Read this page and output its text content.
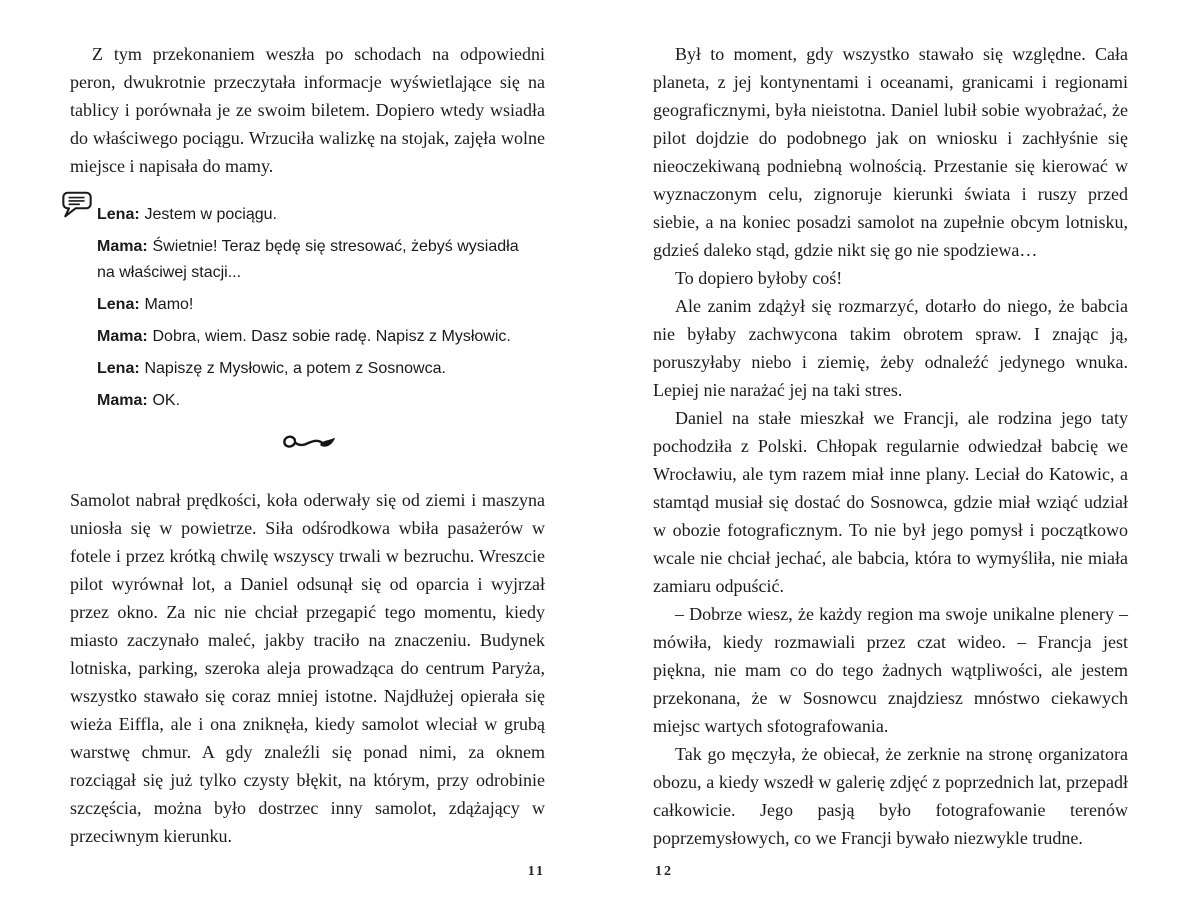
Z tym przekonaniem weszła po schodach na odpowiedni peron, dwukrotnie przeczytała informacje wyświetlające się na tablicy i porównała je ze swoim biletem. Dopiero wtedy wsiadła do właściwego pociągu. Wrzuciła walizkę na stojak, zajęła wolne miejsce i napisała do mamy.

Lena: Jestem w pociągu.

Mama: Świetnie! Teraz będę się stresować, żebyś wysiadła na właściwej stacji...

Lena: Mamo!

Mama: Dobra, wiem. Dasz sobie radę. Napisz z Mysłowic.

Lena: Napiszę z Mysłowic, a potem z Sosnowca.

Mama: OK.

Samolot nabrał prędkości, koła oderwały się od ziemi i maszyna uniosła się w powietrze. Siła odśrodkowa wbiła pasażerów w fotele i przez krótką chwilę wszyscy trwali w bezruchu. Wreszcie pilot wyrównał lot, a Daniel odsunął się od oparcia i wyjrzał przez okno. Za nic nie chciał przegapić tego momentu, kiedy miasto zaczynało maleć, jakby traciło na znaczeniu. Budynek lotniska, parking, szeroka aleja prowadząca do centrum Paryża, wszystko stawało się coraz mniej istotne. Najdłużej opierała się wieża Eiffla, ale i ona zniknęła, kiedy samolot wleciał w grubą warstwę chmur. A gdy znaleźli się ponad nimi, za oknem rozciągał się już tylko czysty błękit, na którym, przy odrobinie szczęścia, można było dostrzec inny samolot, zdążający w przeciwnym kierunku.

11

Był to moment, gdy wszystko stawało się względne. Cała planeta, z jej kontynentami i oceanami, granicami i regionami geograficznymi, była nieistotna. Daniel lubił sobie wyobrażać, że pilot dojdzie do podobnego jak on wniosku i zachłyśnie się nieoczekiwaną podniebną wolnością. Przestanie się kierować w wyznaczonym celu, zignoruje kierunki świata i ruszy przed siebie, a na koniec posadzi samolot na zupełnie obcym lotnisku, gdzieś daleko stąd, gdzie nikt się go nie spodziewa…

To dopiero byłoby coś!

Ale zanim zdążył się rozmarzyć, dotarło do niego, że babcia nie byłaby zachwycona takim obrotem spraw. I znając ją, poruszyłaby niebo i ziemię, żeby odnaleźć jedynego wnuka. Lepiej nie narażać jej na taki stres.

Daniel na stałe mieszkał we Francji, ale rodzina jego taty pochodziła z Polski. Chłopak regularnie odwiedzał babcię we Wrocławiu, ale tym razem miał inne plany. Leciał do Katowic, a stamtąd musiał się dostać do Sosnowca, gdzie miał wziąć udział w obozie fotograficznym. To nie był jego pomysł i początkowo wcale nie chciał jechać, ale babcia, która to wymyśliła, nie miała zamiaru odpuścić.

– Dobrze wiesz, że każdy region ma swoje unikalne plenery – mówiła, kiedy rozmawiali przez czat wideo. – Francja jest piękna, nie mam co do tego żadnych wątpliwości, ale jestem przekonana, że w Sosnowcu znajdziesz mnóstwo ciekawych miejsc wartych sfotografowania.

Tak go męczyła, że obiecał, że zerknie na stronę organizatora obozu, a kiedy wszedł w galerię zdjęć z poprzednich lat, przepadł całkowicie. Jego pasją było fotografowanie terenów poprzemysłowych, co we Francji bywało niezwykle trudne.

12
